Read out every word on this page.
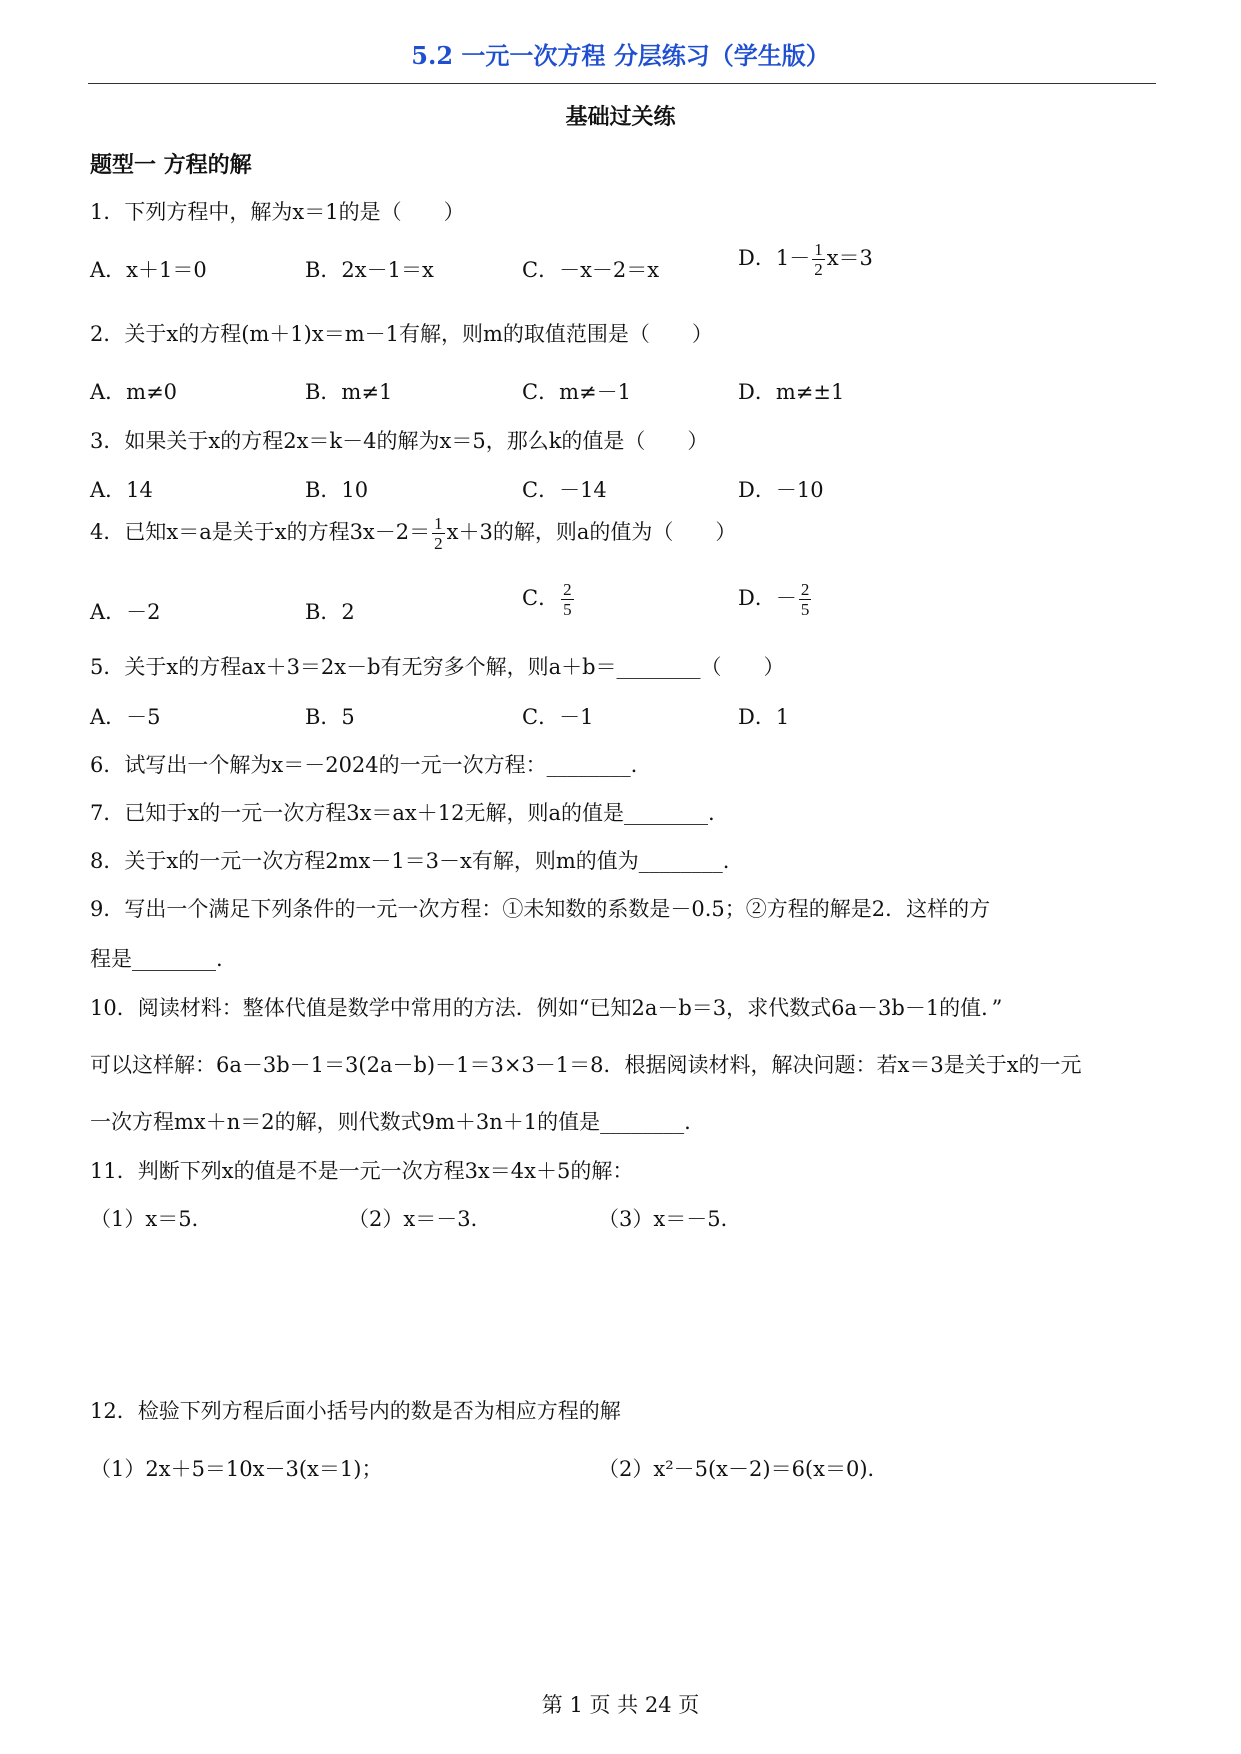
5.2 一元一次方程 分层练习（学生版）
基础过关练
题型一 方程的解
1．下列方程中，解为x＝1的是（　　）
A．x＋1＝0	B．2x－1＝x	C．－x－2＝x	D．$1- \frac{1}{2} x=3$
2．关于x的方程(m＋1)x＝m－1有解，则m的取值范围是（　　）
A．m≠0	B．m≠1	C．m≠－1	D．m≠±1
3．如果关于x的方程2x＝k－4的解为x＝5，那么k的值是（　　）
A．14	B．10	C．－14	D．－10
4．已知x＝a是关于x的方程$3x-2= \frac{1}{2} x+3$的解，则a的值为（　　）
A．－2	B．2
C． $\frac{2}{5}$	D．－ $\frac{2}{5}$
5．关于x的方程ax＋3＝2x－b有无穷多个解，则a＋b＝________（　　）
A．－5	B．5	C．－1	D．1
6．试写出一个解为x＝－2024的一元一次方程：________.
7．已知于x的一元一次方程3x＝ax＋12无解，则a的值是________.
8．关于x的一元一次方程2mx－1＝3－x有解，则m的值为________.
9．写出一个满足下列条件的一元一次方程：①未知数的系数是－0.5；②方程的解是2．这样的方
程是________.
10．阅读材料：整体代值是数学中常用的方法．例如“已知2a－b＝3，求代数式6a－3b－1的值．”
可以这样解：6a－3b－1＝3(2a－b)－1＝3×3－1＝8．根据阅读材料，解决问题：若x＝3是关于x的一元
一次方程mx＋n＝2的解，则代数式9m＋3n＋1的值是________.
11．判断下列x的值是不是一元一次方程3x＝4x＋5的解：
（1）x＝5．	（2）x＝－3．	（3）x＝－5．
12．检验下列方程后面小括号内的数是否为相应方程的解
（1）2x＋5＝10x－3(x＝1)；	（2）x²－5(x－2)＝6(x＝0)．
第 1 页 共 24 页
